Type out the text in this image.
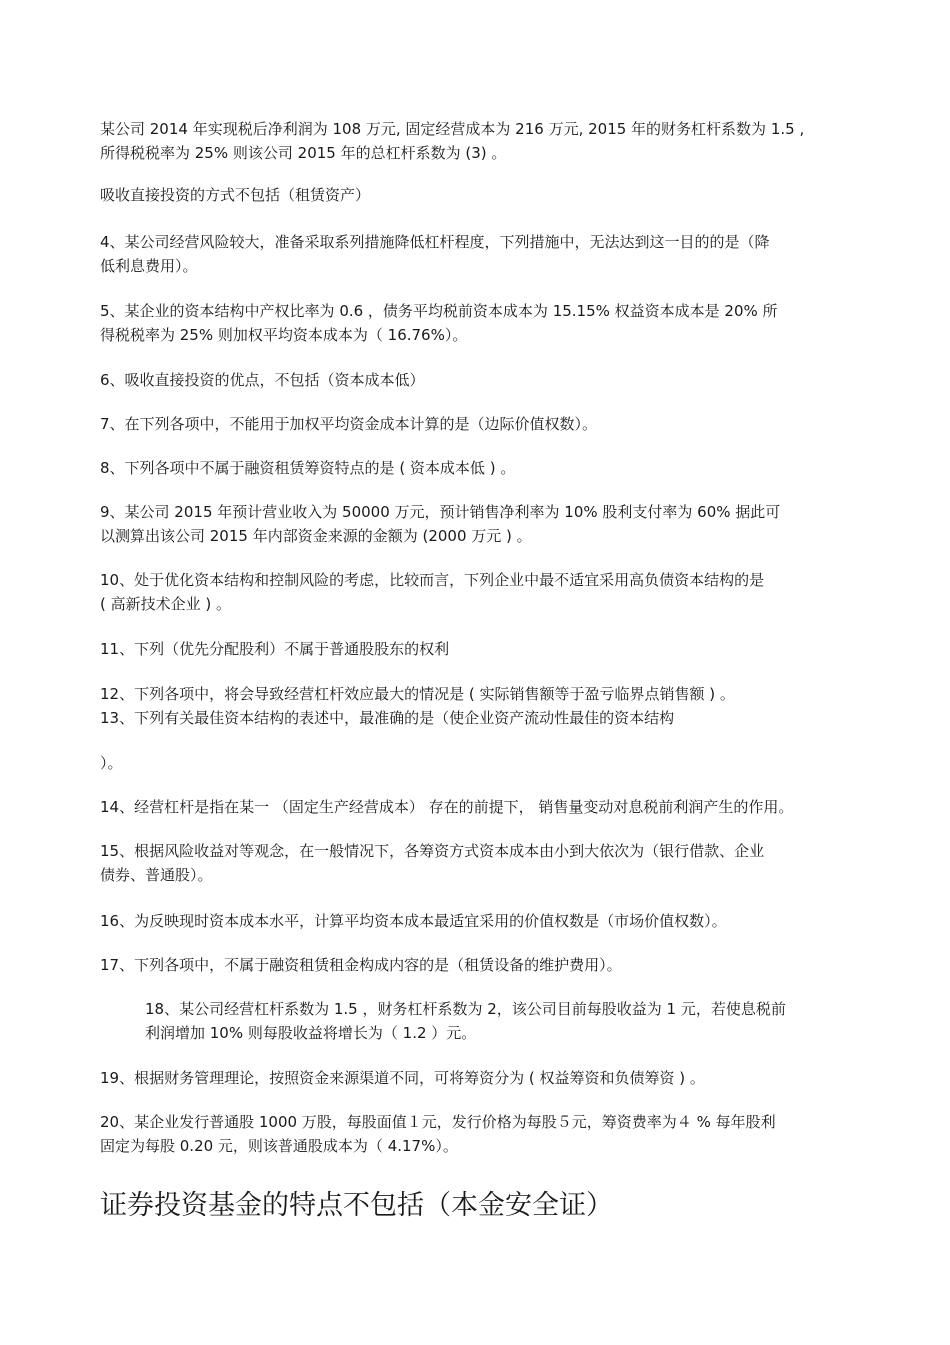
某公司 2014 年实现税后净利润为 108 万元, 固定经营成本为 216 万元, 2015 年的财务杠杆系数为 1.5 ,
所得税税率为 25% 则该公司 2015 年的总杠杆系数为 (3) 。
吸收直接投资的方式不包括（租赁资产）
4、某公司经营风险较大，准备采取系列措施降低杠杆程度，下列措施中，无法达到这一目的的是（降
低利息费用）。
5、某企业的资本结构中产权比率为 0.6 ，债务平均税前资本成本为 15.15% 权益资本成本是 20% 所
得税税率为 25% 则加权平均资本成本为（ 16.76%）。
6、吸收直接投资的优点，不包括（资本成本低）
7、在下列各项中，不能用于加权平均资金成本计算的是（边际价值权数）。
8、下列各项中不属于融资租赁筹资特点的是 ( 资本成本低 ) 。
9、某公司 2015 年预计营业收入为 50000 万元，预计销售净利率为 10% 股利支付率为 60% 据此可
以测算出该公司 2015 年内部资金来源的金额为 (2000 万元 ) 。
10、处于优化资本结构和控制风险的考虑，比较而言，下列企业中最不适宜采用高负债资本结构的是
( 高新技术企业 ) 。
11、下列（优先分配股利）不属于普通股股东的权利
12、下列各项中，将会导致经营杠杆效应最大的情况是 ( 实际销售额等于盈亏临界点销售额 ) 。
13、下列有关最佳资本结构的表述中，最准确的是（使企业资产流动性最佳的资本结构
）。
14、经营杠杆是指在某一 （固定生产经营成本） 存在的前提下， 销售量变动对息税前利润产生的作用。
15、根据风险收益对等观念，在一般情况下，各筹资方式资本成本由小到大依次为（银行借款、企业
债券、普通股）。
16、为反映现时资本成本水平，计算平均资本成本最适宜采用的价值权数是（市场价值权数）。
17、下列各项中，不属于融资租赁租金构成内容的是（租赁设备的维护费用）。
18、某公司经营杠杆系数为 1.5 ，财务杠杆系数为 2，该公司目前每股收益为 1 元，若使息税前
利润增加 10% 则每股收益将增长为（ 1.2 ）元。
19、根据财务管理理论，按照资金来源渠道不同，可将筹资分为 ( 权益筹资和负债筹资 ) 。
20、某企业发行普通股 1000 万股，每股面值１元，发行价格为每股５元，筹资费率为４ % 每年股利
固定为每股 0.20 元，则该普通股成本为（ 4.17%）。
证券投资基金的特点不包括（本金安全证）
